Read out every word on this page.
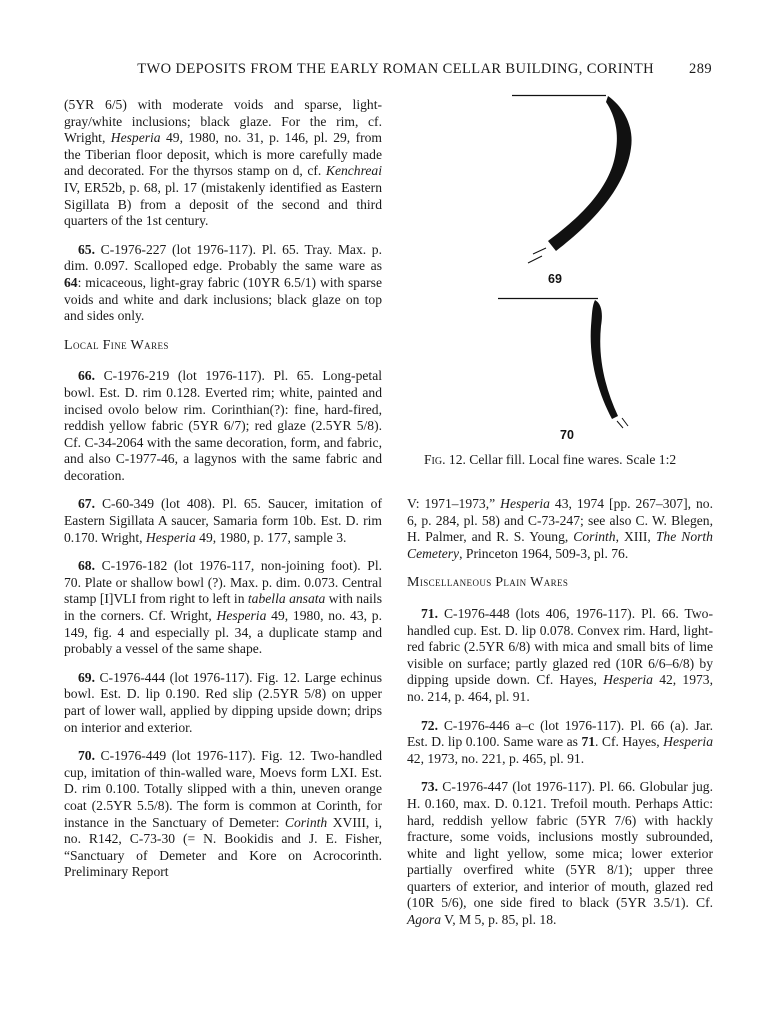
TWO DEPOSITS FROM THE EARLY ROMAN CELLAR BUILDING, CORINTH 289
69
70
Fig. 12. Cellar fill. Local fine wares. Scale 1:2

(5YR 6/5) with moderate voids and sparse, light-gray/white inclusions; black glaze. For the rim, cf. Wright, Hesperia 49, 1980, no. 31, p. 146, pl. 29, from the Tiberian floor deposit, which is more carefully made and decorated. For the thyrsos stamp on d, cf. Kenchreai IV, ER52b, p. 68, pl. 17 (mistakenly identified as Eastern Sigillata B) from a deposit of the second and third quarters of the 1st century.

65. C-1976-227 (lot 1976-117). Pl. 65. Tray. Max. p. dim. 0.097. Scalloped edge. Probably the same ware as 64: micaceous, light-gray fabric (10YR 6.5/1) with sparse voids and white and dark inclusions; black glaze on top and sides only.

Local Fine Wares

66. C-1976-219 (lot 1976-117). Pl. 65. Long-petal bowl. Est. D. rim 0.128. Everted rim; white, painted and incised ovolo below rim. Corinthian(?): fine, hard-fired, reddish yellow fabric (5YR 6/7); red glaze (2.5YR 5/8). Cf. C-34-2064 with the same decoration, form, and fabric, and also C-1977-46, a lagynos with the same fabric and decoration.

67. C-60-349 (lot 408). Pl. 65. Saucer, imitation of Eastern Sigillata A saucer, Samaria form 10b. Est. D. rim 0.170. Wright, Hesperia 49, 1980, p. 177, sample 3.

68. C-1976-182 (lot 1976-117, non-joining foot). Pl. 70. Plate or shallow bowl (?). Max. p. dim. 0.073. Central stamp [I]VLI from right to left in tabella ansata with nails in the corners. Cf. Wright, Hesperia 49, 1980, no. 43, p. 149, fig. 4 and especially pl. 34, a duplicate stamp and probably a vessel of the same shape.

69. C-1976-444 (lot 1976-117). Fig. 12. Large echinus bowl. Est. D. lip 0.190. Red slip (2.5YR 5/8) on upper part of lower wall, applied by dipping upside down; drips on interior and exterior.

70. C-1976-449 (lot 1976-117). Fig. 12. Two-handled cup, imitation of thin-walled ware, Moevs form LXI. Est. D. rim 0.100. Totally slipped with a thin, uneven orange coat (2.5YR 5.5/8). The form is common at Corinth, for instance in the Sanctuary of Demeter: Corinth XVIII, i, no. R142, C-73-30 (= N. Bookidis and J. E. Fisher, “Sanctuary of Demeter and Kore on Acrocorinth. Preliminary Report

V: 1971–1973,” Hesperia 43, 1974 [pp. 267–307], no. 6, p. 284, pl. 58) and C-73-247; see also C. W. Blegen, H. Palmer, and R. S. Young, Corinth, XIII, The North Cemetery, Princeton 1964, 509-3, pl. 76.

Miscellaneous Plain Wares

71. C-1976-448 (lots 406, 1976-117). Pl. 66. Two-handled cup. Est. D. lip 0.078. Convex rim. Hard, light-red fabric (2.5YR 6/8) with mica and small bits of lime visible on surface; partly glazed red (10R 6/6–6/8) by dipping upside down. Cf. Hayes, Hesperia 42, 1973, no. 214, p. 464, pl. 91.

72. C-1976-446 a–c (lot 1976-117). Pl. 66 (a). Jar. Est. D. lip 0.100. Same ware as 71. Cf. Hayes, Hesperia 42, 1973, no. 221, p. 465, pl. 91.

73. C-1976-447 (lot 1976-117). Pl. 66. Globular jug. H. 0.160, max. D. 0.121. Trefoil mouth. Perhaps Attic: hard, reddish yellow fabric (5YR 7/6) with hackly fracture, some voids, inclusions mostly subrounded, white and light yellow, some mica; lower exterior partially overfired white (5YR 8/1); upper three quarters of exterior, and interior of mouth, glazed red (10R 5/6), one side fired to black (5YR 3.5/1). Cf. Agora V, M 5, p. 85, pl. 18.
